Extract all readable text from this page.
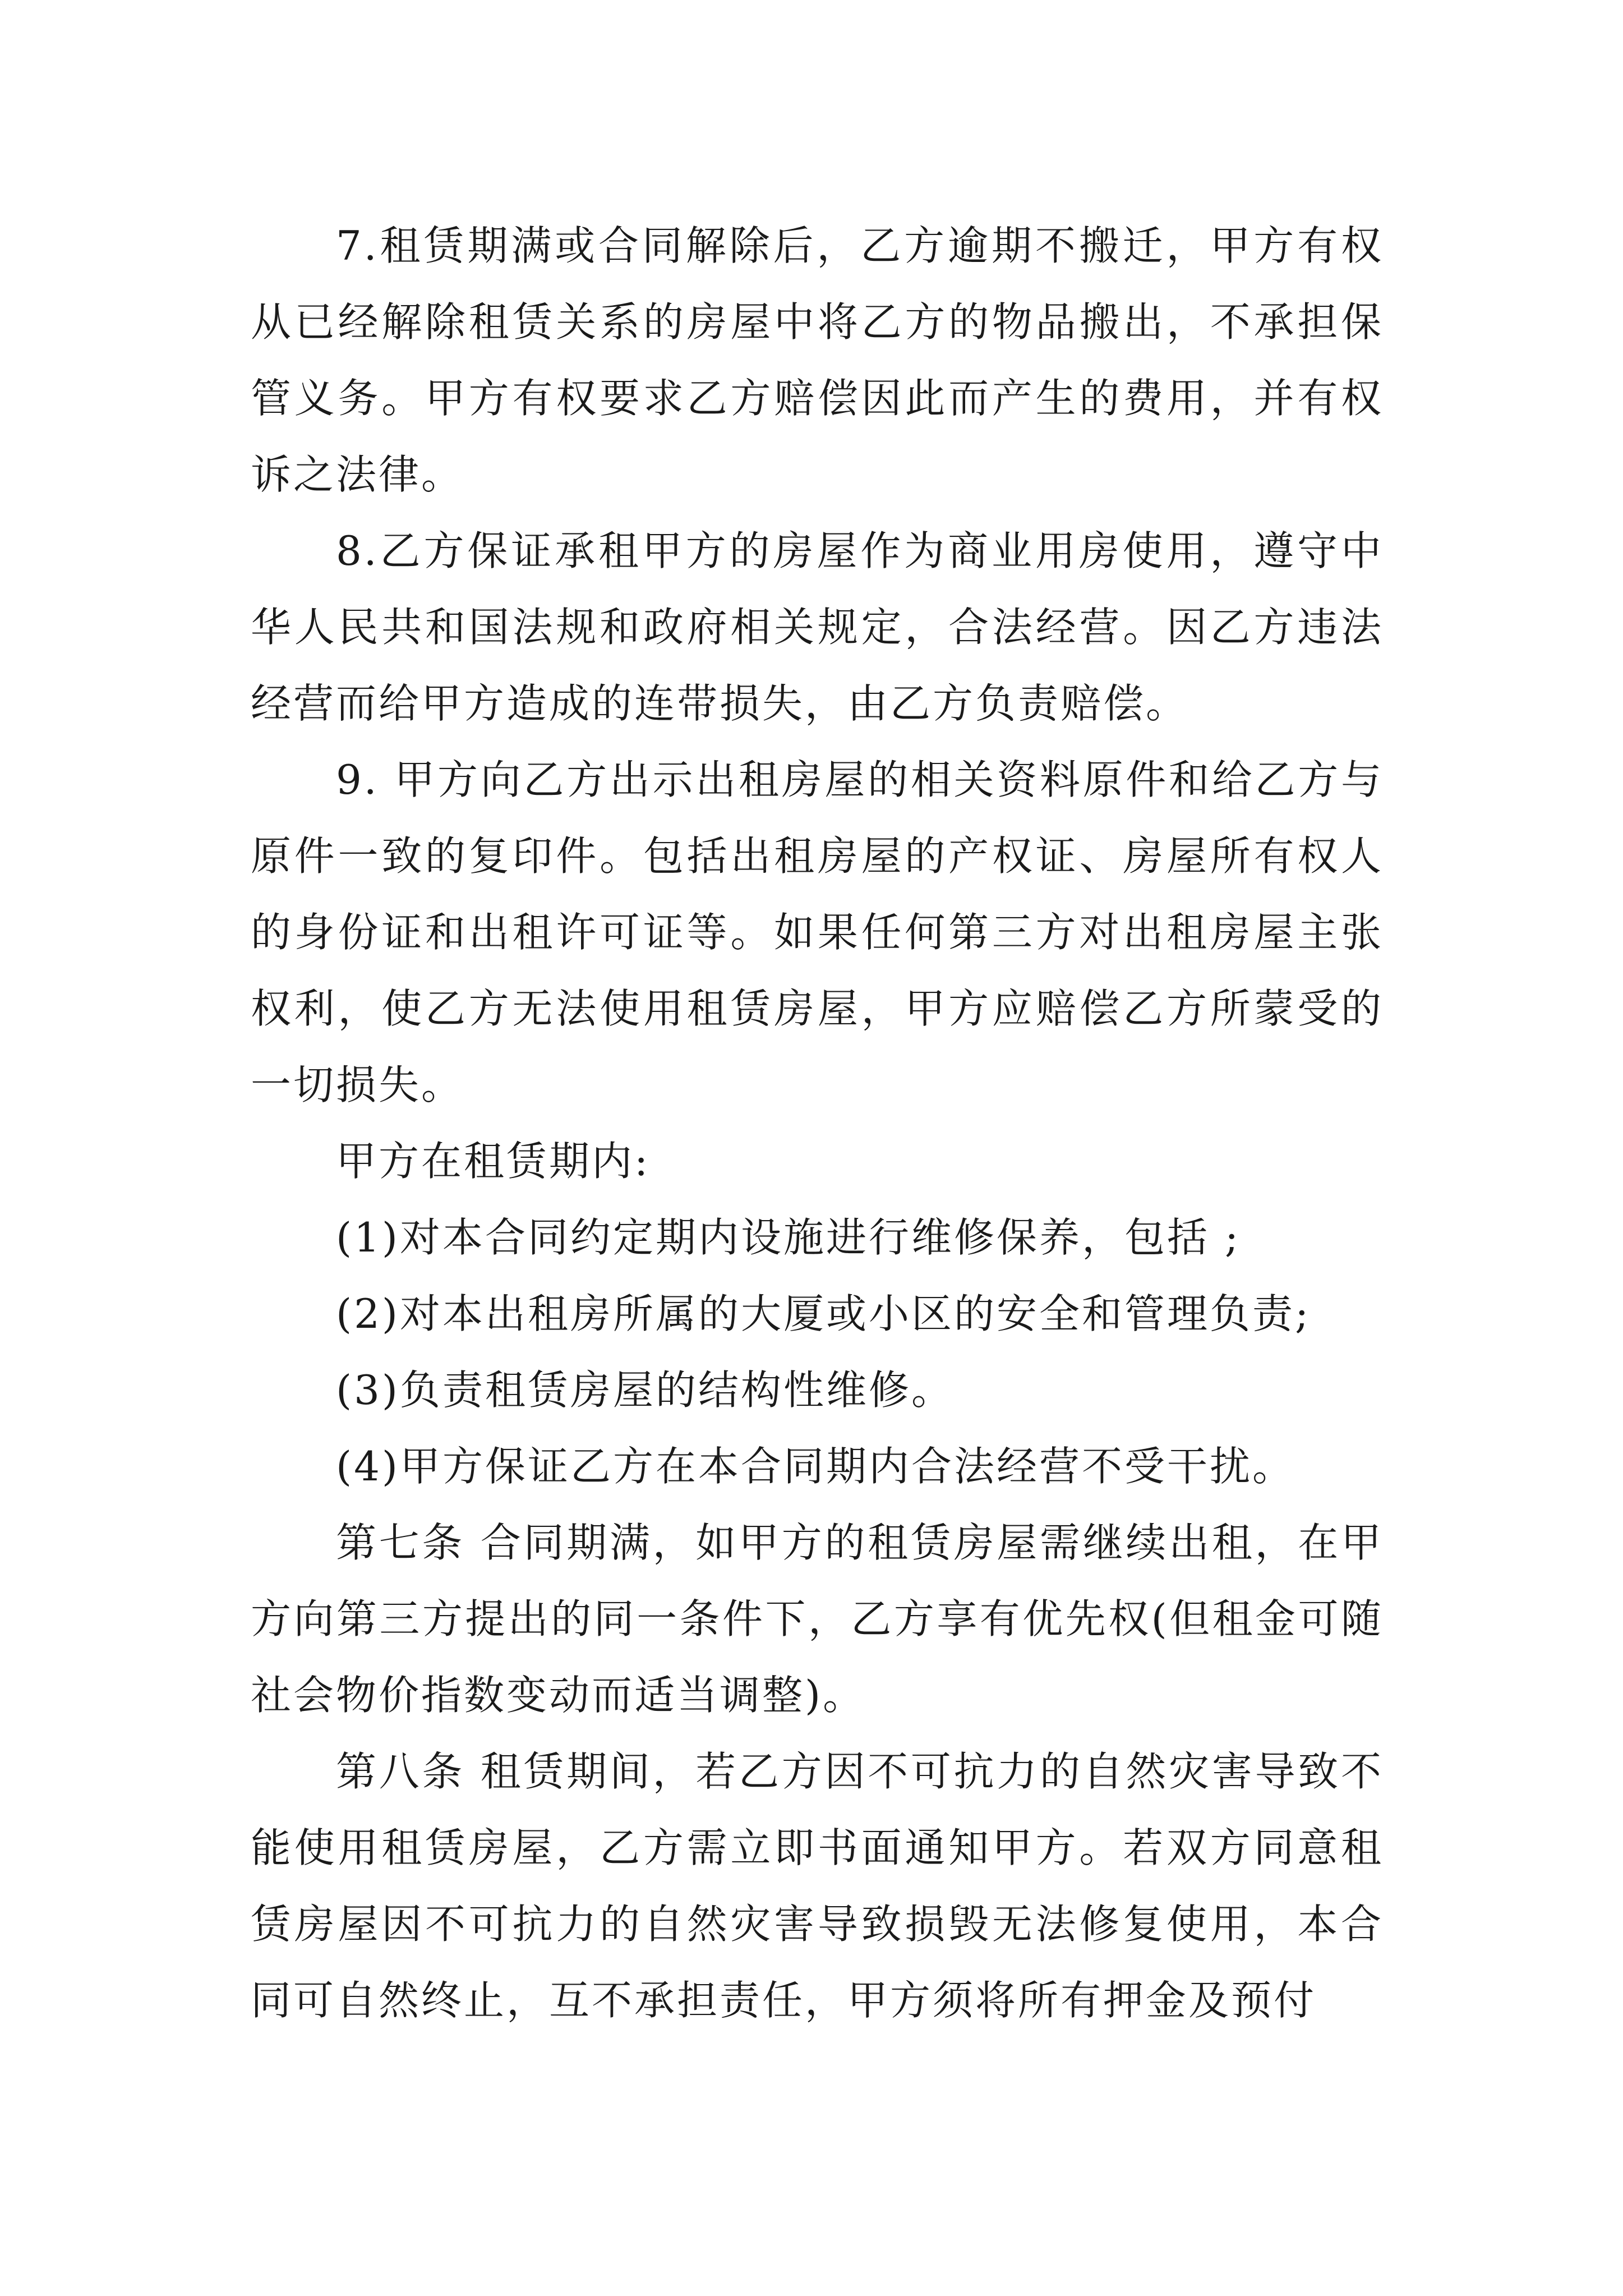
7.租赁期满或合同解除后，乙方逾期不搬迁，甲方有权从已经解除租赁关系的房屋中将乙方的物品搬出，不承担保管义务。甲方有权要求乙方赔偿因此而产生的费用，并有权诉之法律。

8.乙方保证承租甲方的房屋作为商业用房使用，遵守中华人民共和国法规和政府相关规定，合法经营。因乙方违法经营而给甲方造成的连带损失，由乙方负责赔偿。

9. 甲方向乙方出示出租房屋的相关资料原件和给乙方与原件一致的复印件。包括出租房屋的产权证、房屋所有权人的身份证和出租许可证等。如果任何第三方对出租房屋主张权利，使乙方无法使用租赁房屋，甲方应赔偿乙方所蒙受的一切损失。

甲方在租赁期内:

(1)对本合同约定期内设施进行维修保养，包括 ;

(2)对本出租房所属的大厦或小区的安全和管理负责;

(3)负责租赁房屋的结构性维修。

(4)甲方保证乙方在本合同期内合法经营不受干扰。

第七条 合同期满，如甲方的租赁房屋需继续出租，在甲方向第三方提出的同一条件下，乙方享有优先权(但租金可随社会物价指数变动而适当调整)。

第八条 租赁期间，若乙方因不可抗力的自然灾害导致不能使用租赁房屋，乙方需立即书面通知甲方。若双方同意租赁房屋因不可抗力的自然灾害导致损毁无法修复使用，本合同可自然终止，互不承担责任，甲方须将所有押金及预付
